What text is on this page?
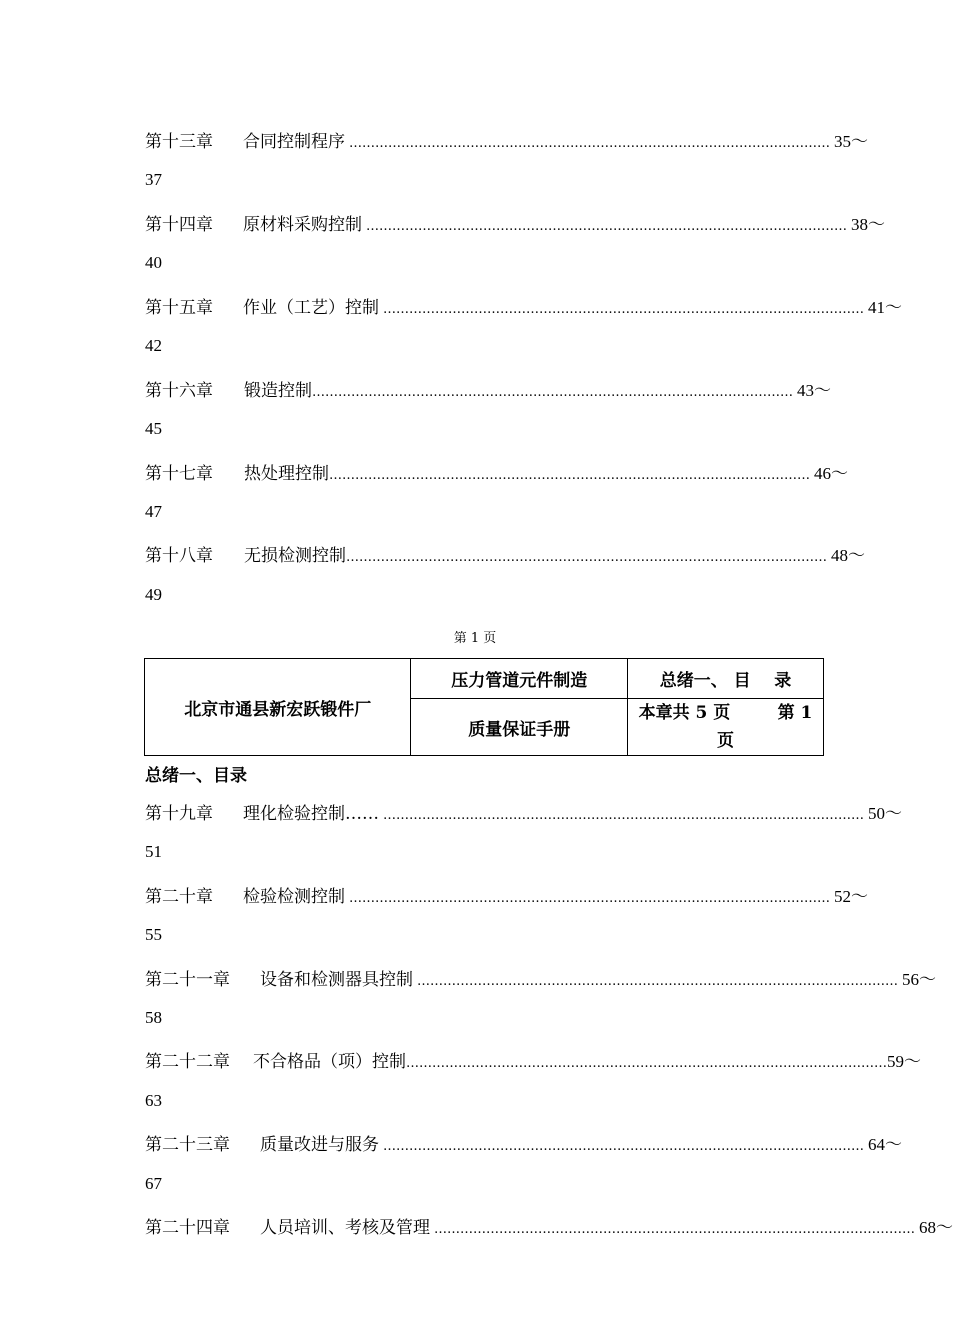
第十三章 合同控制程序 ………………………………………………………………………………………………… 35～
37
第十四章 原材料采购控制 ………………………………………………………………………………………………… 38～
40
第十五章 作业（工艺）控制 ………………………………………………………………………………………………… 41～
42
第十六章 锻造控制 ………………………………………………………………………………………………… 43～
45
第十七章 热处理控制 ………………………………………………………………………………………………… 46～
47
第十八章 无损检测控制 ………………………………………………………………………………………………… 48～
49
第 1 页
北京市通县新宏跃锻件厂	压力管道元件制造	总绪一、 目    录
	质量保证手册	本章共 5 页        第 1
页
总绪一、目录
第十九章 理化检验控制…… ………………………………………………………………………………………………… 50～
51
第二十章 检验检测控制 ………………………………………………………………………………………………… 52～
55
第二十一章 设备和检测器具控制 ………………………………………………………………………………………………… 56～
58
第二十二章 不合格品（项）控制 ………………………………………………………………………………………………… 59～
63
第二十三章 质量改进与服务 ………………………………………………………………………………………………… 64～
67
第二十四章 人员培训、考核及管理 ………………………………………………………………………………………………… 68～
